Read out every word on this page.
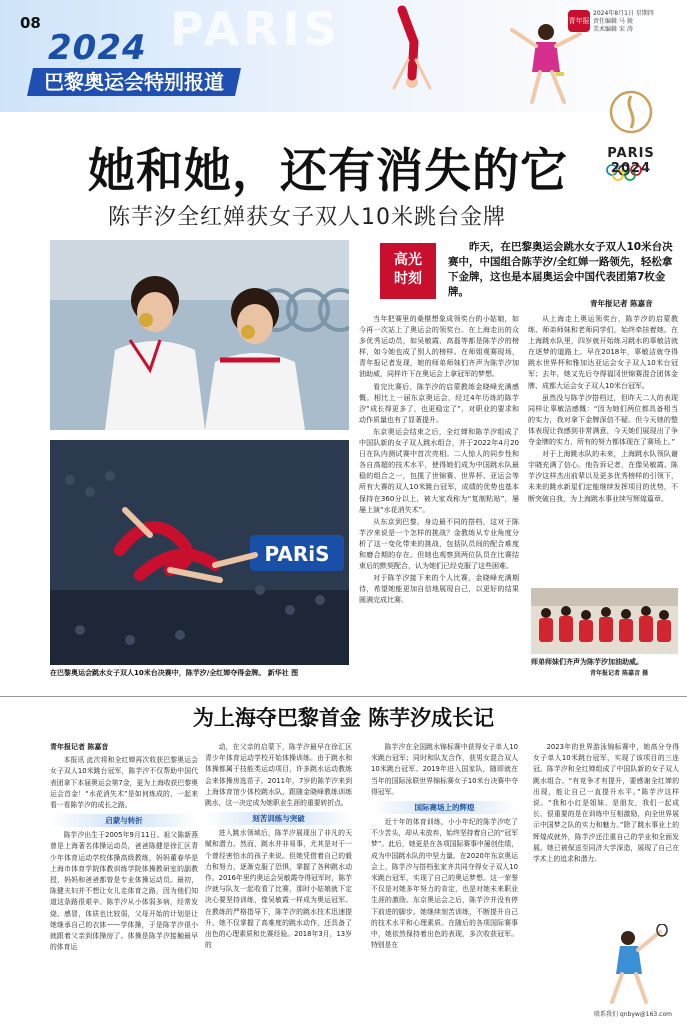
PARIS
08
2024
巴黎奥运会特别报道
青年报
2024年8月1日 星期四
责任编辑 马 骏
美术编辑 宋 涛
PARIS 2024
她和她，还有消失的它
陈芋汐全红婵获女子双人10米跳台金牌
PARiS
在巴黎奥运会跳水女子双人10米台决赛中，陈芋汐/全红婵夺得金牌。 新华社 图
高光
时刻
昨天，在巴黎奥运会跳水女子双人10米台决赛中，中国组合陈芋汐/全红婵一路领先，轻松拿下金牌，这也是本届奥运会中国代表团第7枚金牌。
青年报记者 陈嘉音

当年把赛里的桑椹想象成领奖台的小姑娘，如今再一次站上了奥运会的领奖台。在上海走出的众多优秀运动员，如吴敏霞、高磊等都是陈芋汐的榜样，如今她也成了别人的榜样。在师姐观赛现场，青年报记者发现，她的师弟师妹们齐声为陈芋汐加油助威，同样许下在奥运会上拿冠军的梦想。

看完比赛后，陈芋汐的启蒙教练金晓峰充满感慨。相比上一届东京奥运会，经过4年历练的陈芋汐“成长得更多了，也更稳定了”，对职业的要求和动作质量也有了显著提升。

东京奥运会结束之后，全红婵和陈芋汐组成了中国队新的女子双人跳水组合，并于2022年4月20日在队内测试赛中首次亮相。二人惊人的同步性和各自高超的技术水平，使得她们成为中国跳水队最稳的组合之一，包揽了世锦赛、世界杯、亚运会等所有大赛的双人10米跳台冠军，成绩的优势也基本保持在360分以上，被大家戏称为“复制粘贴”，屡屡上演“水花消失术”。

从东京到巴黎，身边最不同的搭档，这对于陈芋汐来说是一个怎样的挑战？金教练从专业角度分析了这一变化带来的挑战，包括队员间的配合难度和磨合期的存在。但她也观察到两位队员在比赛结束后的默契配合，认为她们已经克服了这些困难。

对于陈芋汐接下来的个人比赛，金晓峰充满期待，希望她能更加自信地展现自己，以更好的结果圆满完成比赛。

从上海走上奥运领奖台，陈芋汐的启蒙教练、师弟师妹和老师同学们，始终牵挂着她。在上海跳水队里，四岁就开始练习跳水的辜敏洁就在逐梦的道路上。早在2018年，辜敏洁就夺得跳水世界杯和雅加达亚运会女子双人10米台冠军；去年，她又先后夺得福冈世锦赛混合团体金牌、成都大运会女子双人10米台冠军。

虽然没与陈芋汐搭档过，但昨天二人的表现同样让辜敏洁感慨：“因为她们两位都具备相当的实力，我对拿下金牌深信不疑。但今天她的整体表现让我感到非常满意，今天她们展现出了争夺金牌的实力，所有的努力都体现在了赛场上。”

对于上海跳水队的未来，上海跳水队领队谢宇晓充满了信心。他告诉记者，在像吴敏霞、陈芋汐这样杰出前辈以及更多优秀榜样的引领下，未来的跳水新星们定能继续发挥项目的优势，不断突破自我，为上海跳水事业续写辉煌篇章。

师弟师妹们齐声为陈芋汐加油助威。
青年报记者 陈嘉音 摄
为上海夺巴黎首金 陈芋汐成长记
青年报记者 陈嘉音

本报讯 此次将和全红婵再次收获巴黎奥运会女子双人10米跳台冠军，陈芋汐不仅帮助中国代表团拿下本届奥运会第7金，更为上海收获巴黎奥运会首金！“水花消失术”是如何炼成的，一起来看一看陈芋汐的成长之路。

启蒙与转折

陈芋汐出生于2005年9月11日。祖父陈新燕曾是上海著名体操运动员，爸爸陈健是徐汇区青少年体育运动学校体操高级教练，妈妈董春华是上海市体育学院体教训练学院体操教研室的副教授，妈妈和爸爸都曾是专业体操运动员。最初，陈健夫妇并不想让女儿走体育之路，因为他们知道这条路很艰辛。陈芋汐从小体弱多病，经常发烧、感冒，体质也比较弱，父母开始的计划是让她继承自己的衣钵——学体操，于是陈芋汐很小就跟着父亲到体操房了。体操是陈芋汐接触最早的体育运

动，在父亲的启蒙下，陈芋汐最早在徐汇区青少年体育运动学校开始体操训练。由于跳水和体操都属于技能类运动项目，许多跳水运动教练会来体操房选苗子。2011年，7岁的陈芋汐来到上海体育馆少体校跳水队，跟随金晓峰教练训练跳水，这一决定成为她职业生涯的重要转折点。

刻苦训练与突破

进入跳水领域后，陈芋汐展现出了非凡的天赋和潜力。然而，跳水并非易事，尤其是对于一个曾经害怕水的孩子来说。但她凭借着自己的毅力和努力，逐渐克服了恐惧，掌握了各种跳水动作。2016年里约奥运会吴敏霞夺得冠军时，陈芋汐就与队友一起收看了比赛，那时小姑娘就下定决心要坚持训练，像吴敏霞一样成为奥运冠军。在教练的严格指导下，陈芋汐的跳水技术迅速提升。她不仅掌握了高难度的跳水动作，还具备了出色的心理素质和比赛经验。2018年3月，13岁的

陈芋汐在全国跳水锦标赛中获得女子单人10米跳台冠军；同时和队友合作，获男女混合双人10米跳台冠军。2019年进入国家队，随即就在当年的国际泳联世界锦标赛女子10米台决赛中夺得冠军。

国际赛场上的辉煌

近十年的体育训练，小小年纪的陈芋汐吃了不少苦头，却从未放弃，始终坚持着自己的“冠军梦”。此后，她更是在各项国际赛事中屡创佳绩，成为中国跳水队的中坚力量。在2020年东京奥运会上，陈芋汐与搭档张家齐共同夺得女子双人10米跳台冠军，实现了自己的奥运梦想。这一荣誉不仅是对她多年努力的肯定，也是对她未来职业生涯的激励。东京奥运会之后，陈芋汐并没有停下前进的脚步。她继续刻苦训练，不断提升自己的技术水平和心理素质。在随后的各项国际赛事中，她依然保持着出色的表现，多次收获冠军。特别是在

2023年的世界游泳锦标赛中，她高分夺得女子单人10米跳台冠军，实现了该项目的三连冠。陈芋汐和全红婵组成了中国队新的女子双人跳水组合。“有竞争才有提升，要感谢全红婵的出现，能让自己一直提升水平。”陈芋汐这样说。“我和小红是姐妹、是朋友，我们一起成长、很重要的是在训练中互相激励，向全世界展示中国梦之队的实力和魅力。”除了跳水事业上的辉煌成就外，陈芋汐还注重自己的学业和全面发展。她已被保送至同济大学深造，展现了自己在学术上的追求和潜力。

联系我们 qnbyw@163.com
